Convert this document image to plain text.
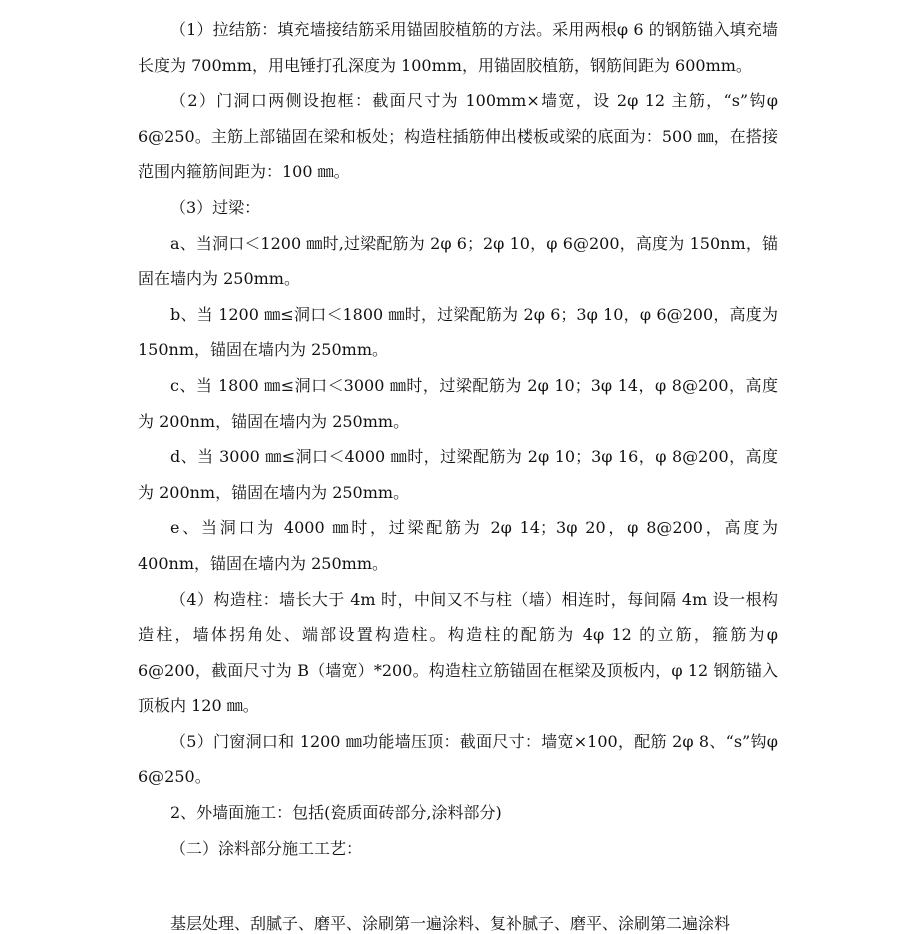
（1）拉结筋：填充墙接结筋采用锚固胶植筋的方法。采用两根φ 6 的钢筋锚入填充墙长度为 700mm，用电锤打孔深度为 100mm，用锚固胶植筋，钢筋间距为 600mm。

（2）门洞口两侧设抱框：截面尺寸为 100mm×墙宽，设 2φ 12 主筋，“s”钩φ 6@250。主筋上部锚固在梁和板处；构造柱插筋伸出楼板或梁的底面为：500 ㎜，在搭接范围内箍筋间距为：100 ㎜。

（3）过梁：

a、当洞口＜1200 ㎜时,过梁配筋为 2φ 6；2φ 10，φ 6@200，高度为 150nm，锚固在墙内为 250mm。

b、当 1200 ㎜≤洞口＜1800 ㎜时，过梁配筋为 2φ 6；3φ 10，φ 6@200，高度为 150nm，锚固在墙内为 250mm。

c、当 1800 ㎜≤洞口＜3000 ㎜时，过梁配筋为 2φ 10；3φ 14，φ 8@200，高度为 200nm，锚固在墙内为 250mm。

d、当 3000 ㎜≤洞口＜4000 ㎜时，过梁配筋为 2φ 10；3φ 16，φ 8@200，高度为 200nm，锚固在墙内为 250mm。

e、当洞口为 4000 ㎜时，过梁配筋为 2φ 14；3φ 20，φ 8@200，高度为 400nm，锚固在墙内为 250mm。

（4）构造柱：墙长大于 4m 时，中间又不与柱（墙）相连时，每间隔 4m 设一根构造柱，墙体拐角处、端部设置构造柱。构造柱的配筋为 4φ 12 的立筋，箍筋为φ 6@200，截面尺寸为 B（墙宽）*200。构造柱立筋锚固在框梁及顶板内，φ 12 钢筋锚入顶板内 120 ㎜。

（5）门窗洞口和 1200 ㎜功能墙压顶：截面尺寸：墙宽×100，配筋 2φ 8、“s”钩φ 6@250。

2、外墙面施工：包括(瓷质面砖部分,涂料部分)

（二）涂料部分施工工艺：

基层处理、刮腻子、磨平、涂刷第一遍涂料、复补腻子、磨平、涂刷第二遍涂料
